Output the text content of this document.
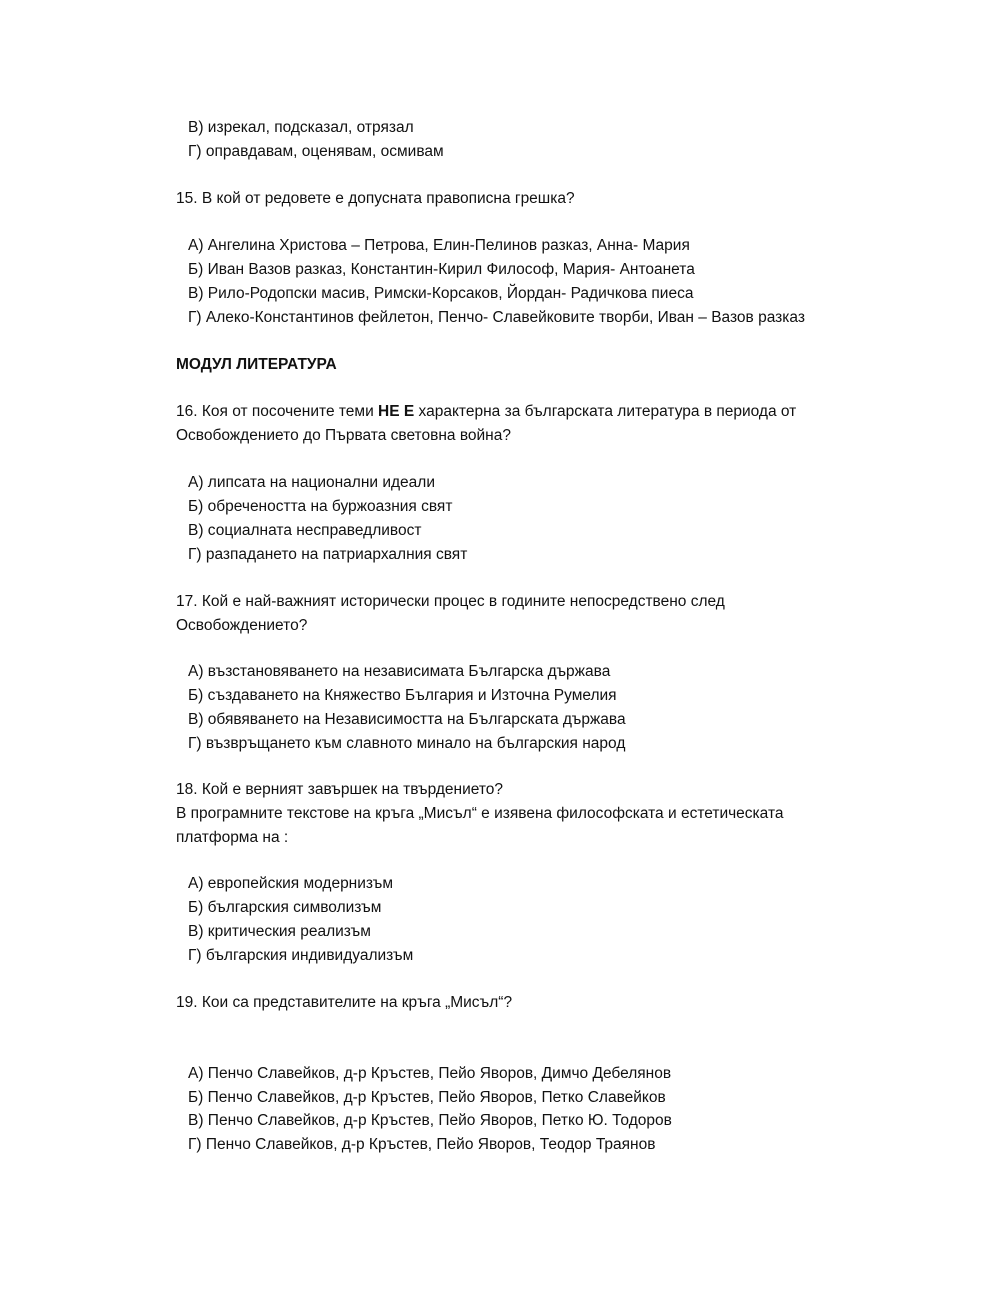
В) изрекал, подсказал, отрязал
Г) оправдавам, оценявам, осмивам
15. В кой от редовете е допусната правописна грешка?
А) Ангелина Христова – Петрова, Елин-Пелинов разказ, Анна- Мария
Б) Иван Вазов разказ, Константин-Кирил Философ, Мария- Антоанета
В) Рило-Родопски масив, Римски-Корсаков, Йордан- Радичкова пиеса
Г) Алеко-Константинов фейлетон, Пенчо- Славейковите творби, Иван – Вазов разказ
МОДУЛ ЛИТЕРАТУРА
16. Коя от посочените теми НЕ Е характерна за българската литература в периода от
Освобождението до Първата световна война?
А) липсата на национални идеали
Б) обречеността на буржоазния свят
В) социалната несправедливост
Г) разпадането на патриархалния свят
17. Кой е най-важният исторически процес в годините непосредствено след
Освобождението?
А) възстановяването на независимата Българска държава
Б) създаването на Княжество България и Източна Румелия
В) обявяването на Независимостта на Българската държава
Г) възвръщането към славното минало на българския народ
18. Кой е верният завършек на твърдението?
В програмните текстове на кръга „Мисъл“ е изявена философската и естетическата
платформа на :
А) европейския модернизъм
Б) българския символизъм
В) критическия реализъм
Г) българския индивидуализъм
19. Кои са представителите на кръга „Мисъл“?
А) Пенчо Славейков, д-р Кръстев, Пейо Яворов, Димчо Дебелянов
Б) Пенчо Славейков, д-р Кръстев, Пейо Яворов, Петко Славейков
В) Пенчо Славейков, д-р Кръстев, Пейо Яворов, Петко Ю. Тодоров
Г) Пенчо Славейков, д-р Кръстев, Пейо Яворов, Теодор Траянов
